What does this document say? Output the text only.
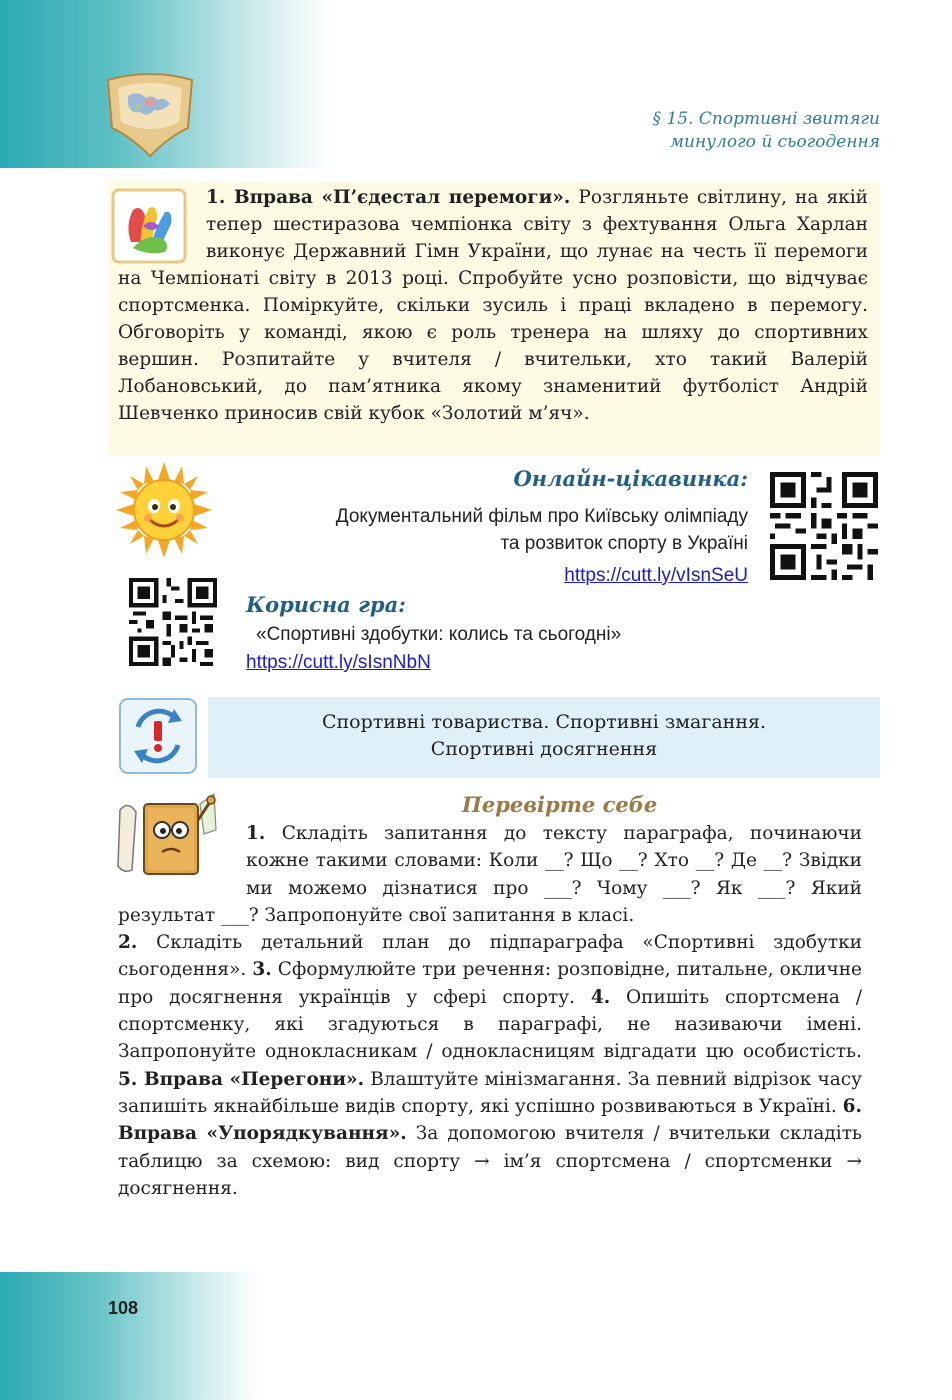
§ 15. Спортивні звитяги
минулого й сьогодення

1. Вправа «П’єдестал перемоги». Розгляньте світлину, на якій тепер шестиразова чемпіонка світу з фехтування Ольга Харлан виконує Державний Гімн України, що лунає на честь її перемоги на Чемпіонаті світу в 2013 році. Спробуйте усно розповісти, що відчуває спортсменка. Поміркуйте, скільки зусиль і праці вкладено в перемогу. Обговоріть у команді, якою є роль тренера на шляху до спортивних вершин. Розпитайте у вчителя / вчительки, хто такий Валерій Лобановський, до пам’ятника якому знаменитий футболіст Андрій Шевченко приносив свій кубок «Золотий м’яч».

Онлайн-цікавинка:
Документальний фільм про Київську олімпіаду
та розвиток спорту в Україні
https://cutt.ly/vIsnSeU
Корисна гра:
«Спортивні здобутки: колись та сьогодні»
https://cutt.ly/sIsnNbN
Спортивні товариства. Спортивні змагання.
Спортивні досягнення
Перевірте себе

1. Складіть запитання до тексту параграфа, починаючи кожне такими словами: Коли __? Що __? Хто __? Де __? Звідки ми можемо дізнатися про ___? Чому ___? Як ___? Який результат ___? Запропонуйте свої запитання в класі.
2. Складіть детальний план до підпараграфа «Спортивні здобутки сьогодення». 3. Сформулюйте три речення: розповідне, питальне, окличне про досягнення українців у сфері спорту. 4. Опишіть спортсмена / спортсменку, які згадуються в параграфі, не називаючи імені. Запропонуйте однокласникам / однокласницям відгадати цю особистість. 5. Вправа «Перегони». Влаштуйте мінізмагання. За певний відрізок часу запишіть якнайбільше видів спорту, які успішно розвиваються в Україні. 6. Вправа «Упорядкування». За допомогою вчителя / вчительки складіть таблицю за схемою: вид спорту → ім’я спортсмена / спортсменки → досягнення.

108
